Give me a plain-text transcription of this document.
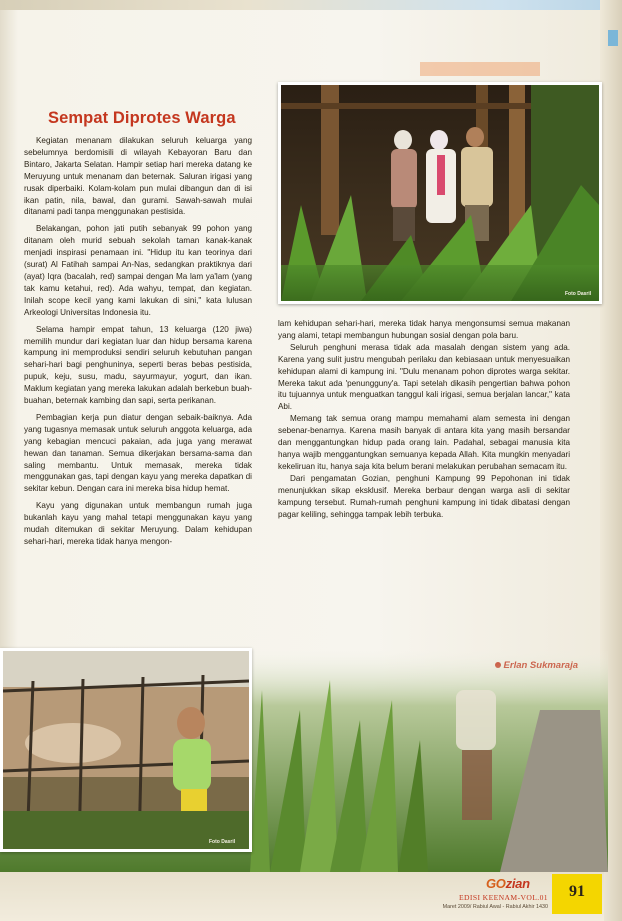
Foto Dasril
Sempat Diprotes Warga

Kegiatan menanam dilakukan seluruh keluarga yang sebelumnya berdomisili di wilayah Kebayoran Baru dan Bintaro, Jakarta Selatan. Hampir setiap hari mereka datang ke Meruyung untuk menanam dan beternak. Saluran irigasi yang rusak diperbaiki. Kolam-kolam pun mulai dibangun dan di isi ikan patin, nila, bawal, dan gurami. Sawah-sawah mulai ditanami padi tanpa menggunakan pestisida.

Belakangan, pohon jati putih sebanyak 99 pohon yang ditanam oleh murid sebuah sekolah taman kanak-kanak menjadi inspirasi penamaan ini. "Hidup itu kan teorinya dari (surat) Al Fatihah sampai An-Nas, sedangkan praktiknya dari (ayat) Iqra (bacalah, red) sampai dengan Ma lam ya'lam (yang tak kamu ketahui, red). Ada wahyu, tempat, dan kegiatan. Inilah scope kecil yang kami lakukan di sini," kata lulusan Arkeologi Universitas Indonesia itu.

Selama hampir empat tahun, 13 keluarga (120 jiwa) memilih mundur dari kegiatan luar dan hidup bersama karena kampung ini memproduksi sendiri seluruh kebutuhan pangan sehari-hari bagi penghuninya, seperti beras bebas pestisida, pupuk, keju, susu, madu, sayurmayur, yogurt, dan ikan. Maklum kegiatan yang mereka lakukan adalah berkebun buah-buahan, beternak kambing dan sapi, serta perikanan.

Pembagian kerja pun diatur dengan sebaik-baiknya. Ada yang tugasnya memasak untuk seluruh anggota keluarga, ada yang kebagian mencuci pakaian, ada juga yang merawat hewan dan tanaman. Semua dikerjakan bersama-sama dan saling membantu. Untuk memasak, mereka tidak menggunakan gas, tapi dengan kayu yang mereka dapatkan di sekitar kebun. Dengan cara ini mereka bisa hidup hemat.

Kayu yang digunakan untuk membangun rumah juga bukanlah kayu yang mahal tetapi menggunakan kayu yang mudah ditemukan di sekitar Meruyung. Dalam kehidupan sehari-hari, mereka tidak hanya mengon-

lam kehidupan sehari-hari, mereka tidak hanya mengonsumsi semua makanan yang alami, tetapi membangun hubungan sosial dengan pola baru.

Seluruh penghuni merasa tidak ada masalah dengan sistem yang ada. Karena yang sulit justru mengubah perilaku dan kebiasaan untuk menyesuaikan kehidupan alami di kampung ini. "Dulu menanam pohon diprotes warga sekitar. Mereka takut ada 'penungguny'a. Tapi setelah dikasih pengertian bahwa pohon itu tujuannya untuk menguatkan tanggul kali irigasi, semua berjalan lancar," kata Abi.

Memang tak semua orang mampu memahami alam semesta ini dengan sebenar-benarnya. Karena masih banyak di antara kita yang masih bersandar dan menggantungkan hidup pada orang lain. Padahal, sebagai manusia kita hanya wajib menggantungkan semuanya kepada Allah. Kita mungkin menyadari kekeliruan itu, hanya saja kita belum berani melakukan perubahan semacam itu.

Dari pengamatan Gozian, penghuni Kampung 99 Pepohonan ini tidak menunjukkan sikap eksklusif. Mereka berbaur dengan warga asli di sekitar kampung tersebut. Rumah-rumah penghuni kampung ini tidak dibatasi dengan pagar keliling, sehingga tampak lebih terbuka.

Foto Dasril
GOzian
EDISI KEENAM-VOL.01
Maret 2009/ Rabiul Awal - Rabiul Akhir 1430
91
